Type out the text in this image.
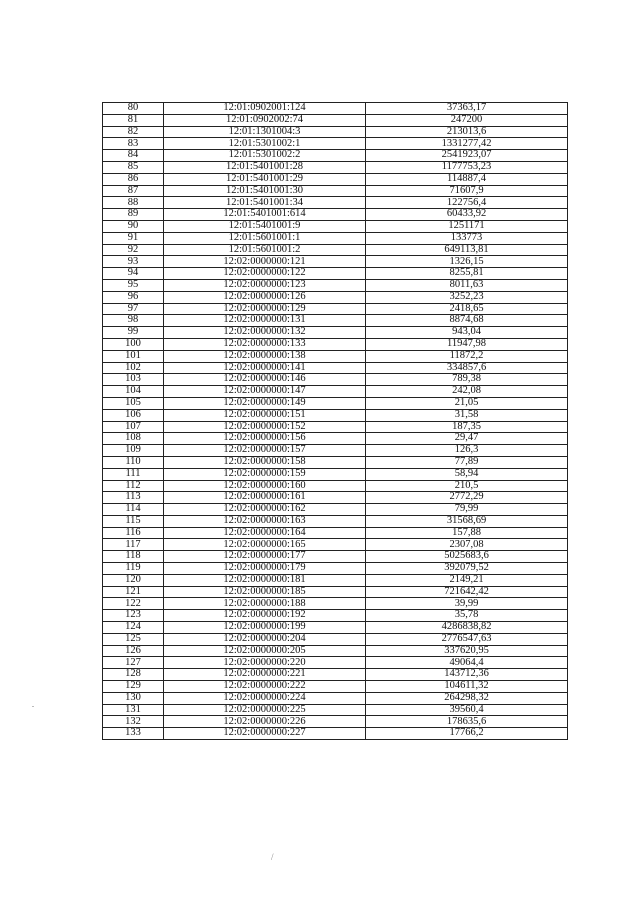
80	12:01:0902001:124	37363,17
81	12:01:0902002:74	247200
82	12:01:1301004:3	213013,6
83	12:01:5301002:1	1331277,42
84	12:01:5301002:2	2541923,07
85	12:01:5401001:28	1177753,23
86	12:01:5401001:29	114887,4
87	12:01:5401001:30	71607,9
88	12:01:5401001:34	122756,4
89	12:01:5401001:614	60433,92
90	12:01:5401001:9	1251171
91	12:01:5601001:1	133773
92	12:01:5601001:2	649113,81
93	12:02:0000000:121	1326,15
94	12:02:0000000:122	8255,81
95	12:02:0000000:123	8011,63
96	12:02:0000000:126	3252,23
97	12:02:0000000:129	2418,65
98	12:02:0000000:131	8874,68
99	12:02:0000000:132	943,04
100	12:02:0000000:133	11947,98
101	12:02:0000000:138	11872,2
102	12:02:0000000:141	334857,6
103	12:02:0000000:146	789,38
104	12:02:0000000:147	242,08
105	12:02:0000000:149	21,05
106	12:02:0000000:151	31,58
107	12:02:0000000:152	187,35
108	12:02:0000000:156	29,47
109	12:02:0000000:157	126,3
110	12:02:0000000:158	77,89
111	12:02:0000000:159	58,94
112	12:02:0000000:160	210,5
113	12:02:0000000:161	2772,29
114	12:02:0000000:162	79,99
115	12:02:0000000:163	31568,69
116	12:02:0000000:164	157,88
117	12:02:0000000:165	2307,08
118	12:02:0000000:177	5025683,6
119	12:02:0000000:179	392079,52
120	12:02:0000000:181	2149,21
121	12:02:0000000:185	721642,42
122	12:02:0000000:188	39,99
123	12:02:0000000:192	35,78
124	12:02:0000000:199	4286838,82
125	12:02:0000000:204	2776547,63
126	12:02:0000000:205	337620,95
127	12:02:0000000:220	49064,4
128	12:02:0000000:221	143712,36
129	12:02:0000000:222	104611,32
130	12:02:0000000:224	264298,32
131	12:02:0000000:225	39560,4
132	12:02:0000000:226	178635,6
133	12:02:0000000:227	17766,2
/
